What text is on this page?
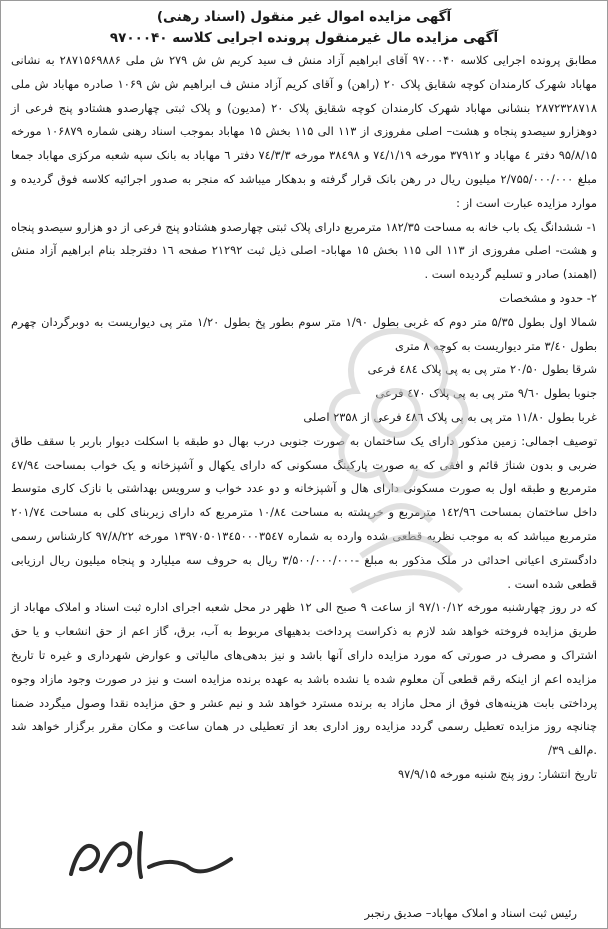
آگهی مزایده اموال غیر منقول (اسناد رهنی)

آگهی مزایده مال غیرمنقول پرونده اجرایی کلاسه ۹۷۰۰۰۴۰

مطابق پرونده اجرایی کلاسه ۹۷۰۰۰۴۰ آقای ابراهیم آزاد منش ف سید کریم ش ش ۲۷۹ ش ملی ۲۸۷۱۵۶۹۸۸۶ به نشانی مهاباد شهرک کارمندان کوچه شقایق پلاک ۲۰ (راهن) و آقای کریم آزاد منش ف ابراهیم ش ش ۱۰۶۹ صادره مهاباد ش ملی ۲۸۷۲۳۲۸۷۱۸ بنشانی مهاباد شهرک کارمندان کوچه شقایق پلاک ۲۰ (مدیون) و پلاک ثبتی چهارصدو هشتادو پنج فرعی از دوهزارو سیصدو پنجاه و هشت– اصلی مفروزی از ۱۱۳ الی ۱۱۵ بخش ۱۵ مهاباد بموجب اسناد رهنی شماره ۱۰۶۸۷۹ مورخه ۹۵/۸/۱۵ دفتر ٤ مهاباد و ۳۷۹۱۲ مورخه ۷٤/۱/۱۹ و ۳۸٤۹۸ مورخه ۷٤/۳/۳ دفتر ٦ مهاباد به بانک سپه شعبه مرکزی مهاباد جمعا مبلغ ۲/۷۵۵/۰۰۰/۰۰۰ میلیون ریال در رهن بانک قرار گرفته و بدهکار میباشد که منجر به صدور اجرائیه کلاسه فوق گردیده و موارد مزایده عبارت است از :

۱- ششدانگ یک باب خانه به مساحت ۱۸۲/۳۵ مترمربع دارای پلاک ثبتی چهارصدو هشتادو پنج فرعی از دو هزارو سیصدو پنجاه و هشت- اصلی مفروزی از ۱۱۳ الی ۱۱۵ بخش ۱۵ مهاباد- اصلی ذیل ثبت ۲۱۲۹۲ صفحه ۱٦ دفترجلد بنام ابراهیم آزاد منش (اهمند) صادر و تسلیم گردیده است .

۲- حدود و مشخصات

شمالا اول بطول ۵/۳۵ متر دوم که غربی بطول ۱/۹۰ متر سوم بطور پخ بطول ۱/۲۰ متر پی دیواریست به دوبرگردان چهرم بطول ۳/٤۰ متر دیواریست به کوچه ۸ متری

شرقا بطول ۲۰/۵۰ متر پی به پی پلاک ٤۸٤ فرعی

جنوبا بطول ۹/٦۰ متر پی به پی پلاک ٤۷۰ فرعی

غربا بطول ۱۱/۸۰ متر پی به پی پلاک ٤۸٦ فرعی از ۲۳۵۸ اصلی

توصیف اجمالی: زمین مذکور دارای یک ساختمان به صورت جنوبی درب بهال دو طبقه با اسکلت دیوار باربر با سقف طاق ضربی و بدون شناژ قائم و افقی که به صورت پارکینگ مسکونی که دارای یکهال و آشپزخانه و یک خواب بمساحت ٤۷/۹٤ مترمربع و طبقه اول به صورت مسکونی دارای هال و آشپزخانه و دو عدد خواب و سرویس بهداشتی با نازک کاری متوسط داخل ساختمان بمساحت ۱٤۲/۹٦ مترمربع و خرپشته به مساحت ۱۰/۸٤ مترمربع که دارای زیربنای کلی به مساحت ۲۰۱/۷٤ مترمربع میباشد که به موجب نظریه قطعی شده وارده به شماره ۱۳۹۷۰۵۰۱۳٤۵۰۰۰۳۵٤۷ مورخه ۹۷/۸/۲۲ کارشناس رسمی دادگستری اعیانی احداثی در ملک مذکور به مبلغ -۳/۵۰۰/۰۰۰/۰۰۰ ریال به حروف سه میلیارد و پنجاه میلیون ریال ارزیابی قطعی شده است .

که در روز چهارشنبه مورخه ۹۷/۱۰/۱۲ از ساعت ۹ صبح الی ۱۲ ظهر در محل شعبه اجرای اداره ثبت اسناد و املاک مهاباد از طریق مزایده فروخته خواهد شد لازم به ذکراست پرداخت بدهیهای مربوط به آب، برق، گاز اعم از حق انشعاب و یا حق اشتراک و مصرف در صورتی که مورد مزایده دارای آنها باشد و نیز بدهی‌های مالیاتی و عوارض شهرداری و غیره تا تاریخ مزایده اعم از اینکه رقم قطعی آن معلوم شده یا نشده باشد به عهده برنده مزایده است و نیز در صورت وجود مازاد وجوه پرداختی بابت هزینه‌های فوق از محل مازاد به برنده مسترد خواهد شد و نیم عشر و حق مزایده نقدا وصول میگردد ضمنا چنانچه روز مزایده تعطیل رسمی گردد مزایده روز اداری بعد از تعطیلی در همان ساعت و مکان مقرر برگزار خواهد شد .م‌الف ۳۹/

تاریخ انتشار: روز پنج شنبه مورخه ۹۷/۹/۱۵

رئیس ثبت اسناد و املاک مهاباد– صدیق رنجبر
